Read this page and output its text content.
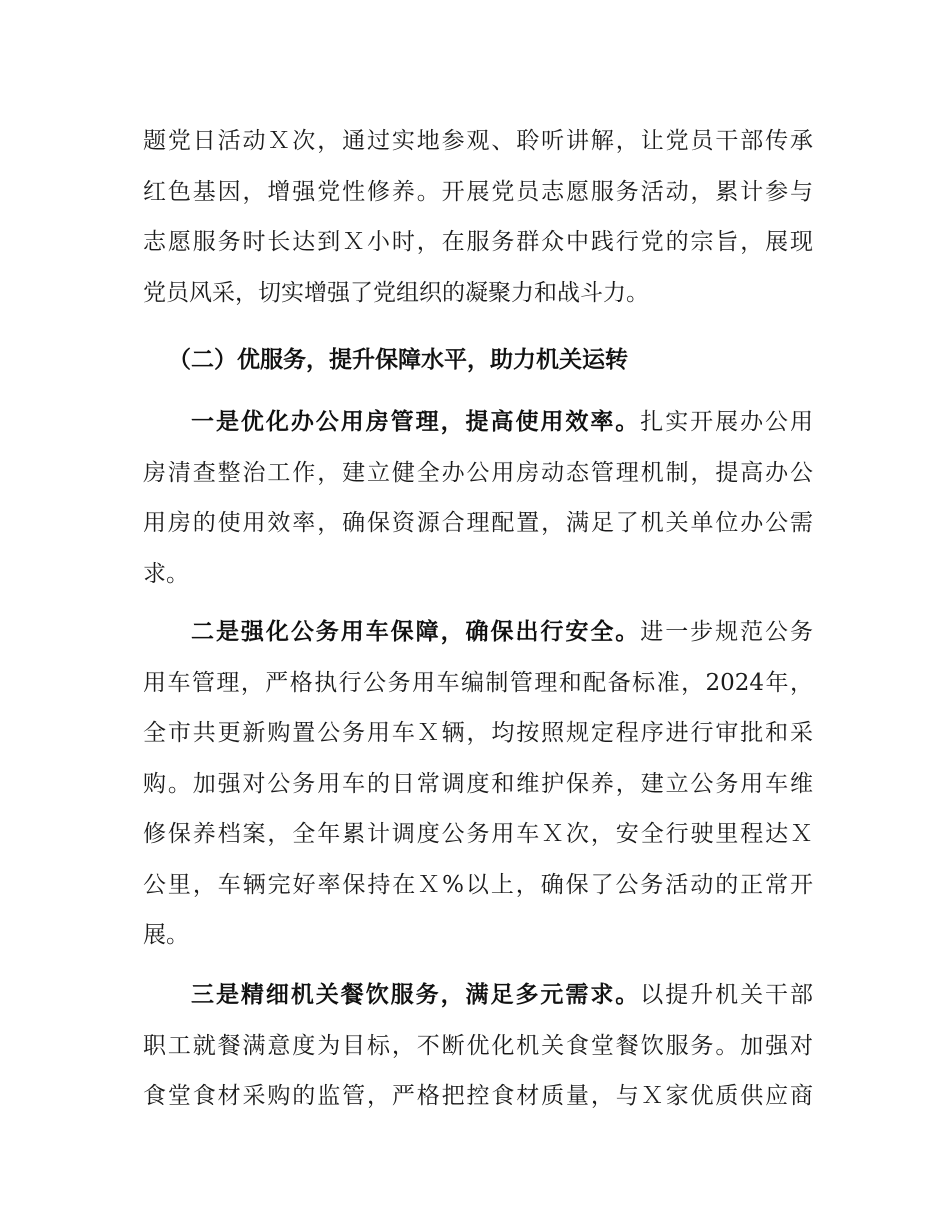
题党日活动Ｘ次，通过实地参观、聆听讲解，让党员干部传承
红色基因，增强党性修养。开展党员志愿服务活动，累计参与
志愿服务时长达到Ｘ小时，在服务群众中践行党的宗旨，展现
党员风采，切实增强了党组织的凝聚力和战斗力。
（二）优服务，提升保障水平，助力机关运转
一是优化办公用房管理，提高使用效率。扎实开展办公用
房清查整治工作，建立健全办公用房动态管理机制，提高办公
用房的使用效率，确保资源合理配置，满足了机关单位办公需
求。
二是强化公务用车保障，确保出行安全。进一步规范公务
用车管理，严格执行公务用车编制管理和配备标准，2024年，
全市共更新购置公务用车Ｘ辆，均按照规定程序进行审批和采
购。加强对公务用车的日常调度和维护保养，建立公务用车维
修保养档案，全年累计调度公务用车Ｘ次，安全行驶里程达Ｘ
公里，车辆完好率保持在Ｘ%以上，确保了公务活动的正常开
展。
三是精细机关餐饮服务，满足多元需求。以提升机关干部
职工就餐满意度为目标，不断优化机关食堂餐饮服务。加强对
食堂食材采购的监管，严格把控食材质量，与Ｘ家优质供应商
